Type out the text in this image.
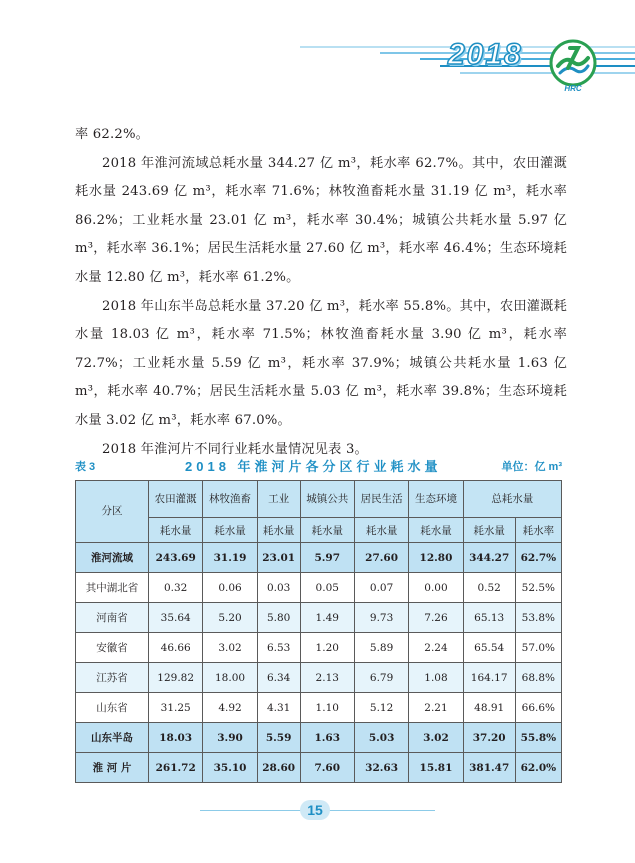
2018
HRC

率 62.2%。

2018 年淮河流域总耗水量 344.27 亿 m³，耗水率 62.7%。其中，农田灌溉耗水量 243.69 亿 m³，耗水率 71.6%；林牧渔畜耗水量 31.19 亿 m³，耗水率 86.2%；工业耗水量 23.01 亿 m³，耗水率 30.4%；城镇公共耗水量 5.97 亿 m³，耗水率 36.1%；居民生活耗水量 27.60 亿 m³，耗水率 46.4%；生态环境耗水量 12.80 亿 m³，耗水率 61.2%。

2018 年山东半岛总耗水量 37.20 亿 m³，耗水率 55.8%。其中，农田灌溉耗水量 18.03 亿 m³，耗水率 71.5%；林牧渔畜耗水量 3.90 亿 m³，耗水率 72.7%；工业耗水量 5.59 亿 m³，耗水率 37.9%；城镇公共耗水量 1.63 亿 m³，耗水率 40.7%；居民生活耗水量 5.03 亿 m³，耗水率 39.8%；生态环境耗水量 3.02 亿 m³，耗水率 67.0%。

2018 年淮河片不同行业耗水量情况见表 3。

表 3	2018 年淮河片各分区行业耗水量	单位：亿 m³
分区	农田灌溉	林牧渔畜	工业	城镇公共	居民生活	生态环境	总耗水量	
	耗水量	耗水量	耗水量	耗水量	耗水量	耗水量	耗水量	耗水率
淮河流域	243.69	31.19	23.01	5.97	27.60	12.80	344.27	62.7%
其中湖北省	0.32	0.06	0.03	0.05	0.07	0.00	0.52	52.5%
河南省	35.64	5.20	5.80	1.49	9.73	7.26	65.13	53.8%
安徽省	46.66	3.02	6.53	1.20	5.89	2.24	65.54	57.0%
江苏省	129.82	18.00	6.34	2.13	6.79	1.08	164.17	68.8%
山东省	31.25	4.92	4.31	1.10	5.12	2.21	48.91	66.6%
山东半岛	18.03	3.90	5.59	1.63	5.03	3.02	37.20	55.8%
淮 河 片	261.72	35.10	28.60	7.60	32.63	15.81	381.47	62.0%
15
